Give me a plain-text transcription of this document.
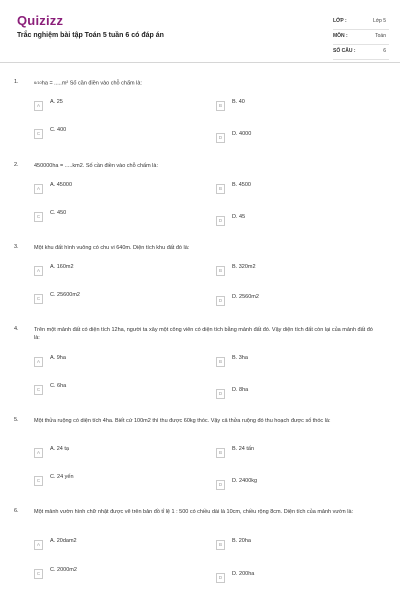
Quizizz
Trắc nghiệm bài tập Toán 5 tuần 6 có đáp án
LỚP :	Lớp 5
MÔN :	Toán
SỐ CÂU :	6
1.	6/10ha = .....m² Số cần điền vào chỗ chấm là:
A
A. 25
B
B. 40
C
C. 400
D
D. 4000
2.	450000ha = .....km2. Số cần điền vào chỗ chấm là:
A
A. 45000
B
B. 4500
C
C. 450
D
D. 45
3.	Một khu đất hình vuông có chu vi 640m. Diện tích khu đất đó là:
A
A. 160m2
B
B. 320m2
C
C. 25600m2
D
D. 2560m2
4.	Trên một mảnh đất có diện tích 12ha, người ta xây một công viên có diện tích bằng mảnh đất đó. Vậy diện tích đất còn lại của mảnh đất đó là:
A
A. 9ha
B
B. 3ha
C
C. 6ha
D
D. 8ha
5.	Một thửa ruộng có diện tích 4ha. Biết cứ 100m2 thì thu được 60kg thóc. Vậy cả thửa ruộng đó thu hoạch được số thóc là:
A
A. 24 tạ
B
B. 24 tấn
C
C. 24 yến
D
D. 2400kg
6.	Một mảnh vườn hình chữ nhật được vẽ trên bản đồ tỉ lệ 1 : 500 có chiều dài là 10cm, chiều rộng 8cm. Diện tích của mảnh vườn là:
A
A. 20dam2
B
B. 20ha
C
C. 2000m2
D
D. 200ha
